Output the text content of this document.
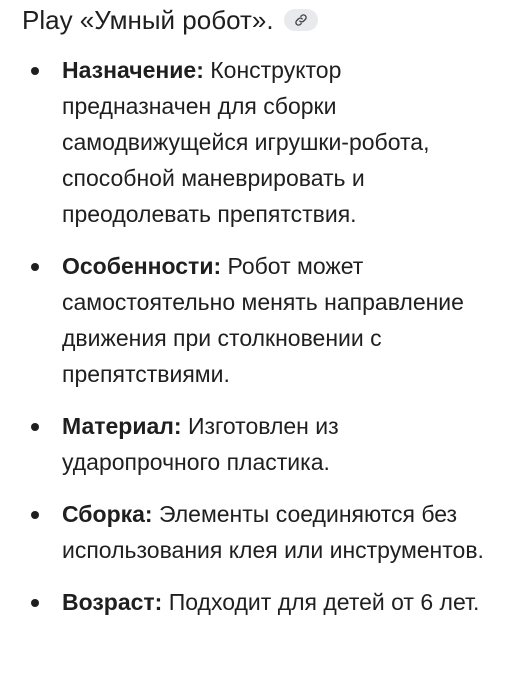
Play «Умный робот».
Назначение: Конструктор предназначен для сборки самодвижущейся игрушки-робота, способной маневрировать и преодолевать препятствия.
Особенности: Робот может самостоятельно менять направление движения при столкновении с препятствиями.
Материал: Изготовлен из ударопрочного пластика.
Сборка: Элементы соединяются без использования клея или инструментов.
Возраст: Подходит для детей от 6 лет.
